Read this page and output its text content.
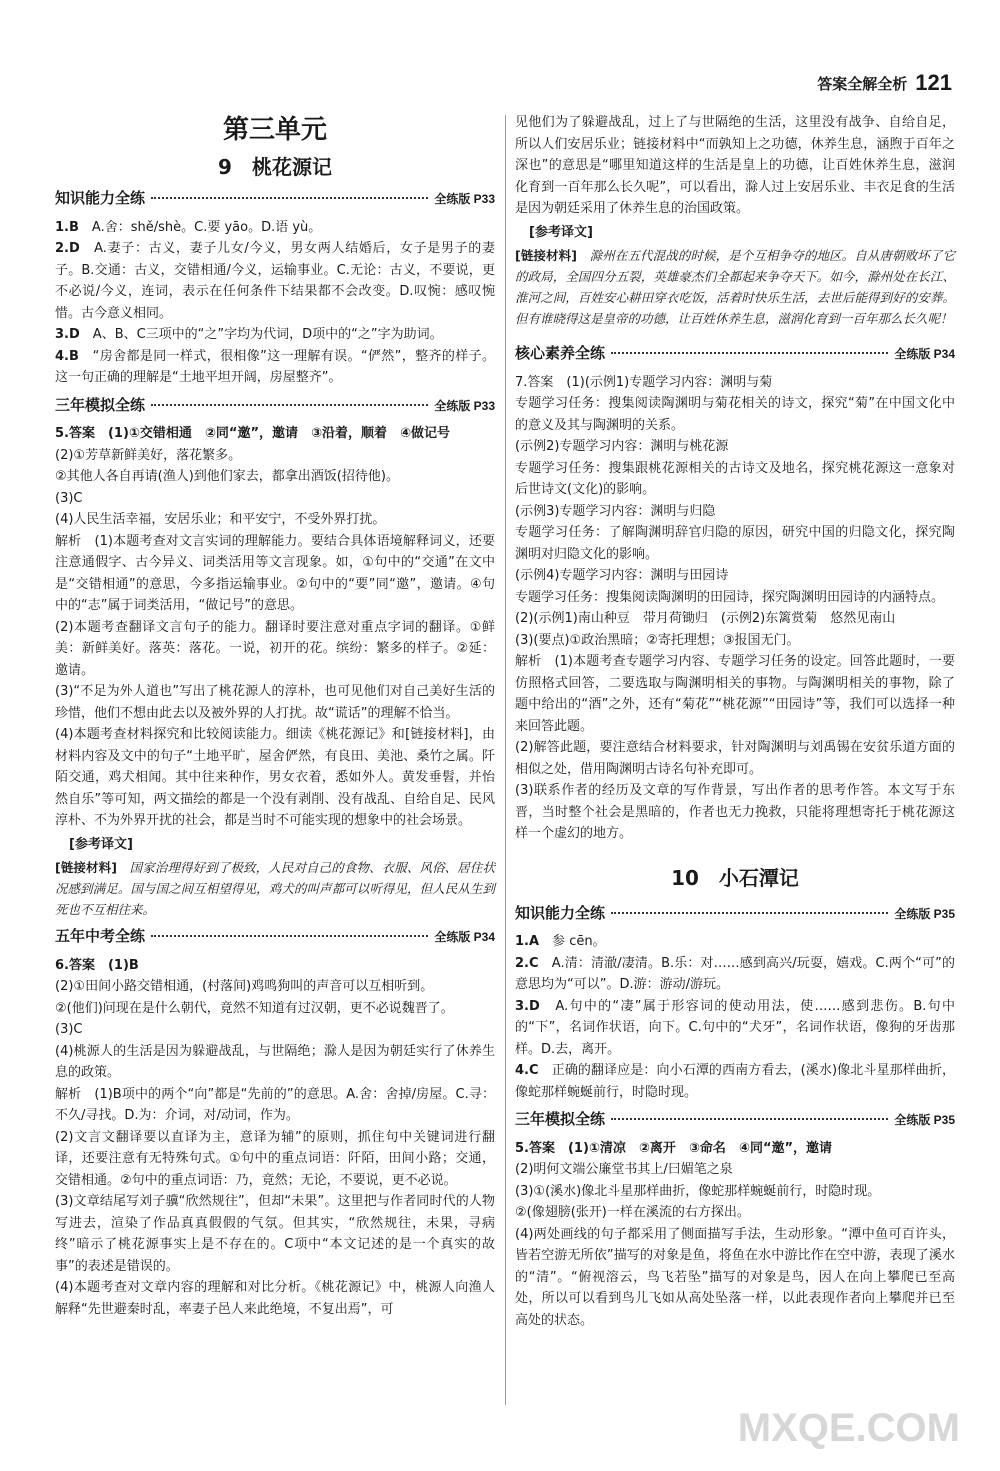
答案全解全析 121
第三单元
9　桃花源记
知识能力全练	全练版 P33

1.B　 A.舍：shě/shè。C.要 yāo。D.语 yù。

2.D　 A.妻子：古义，妻子儿女/今义，男女两人结婚后，女子是男子的妻子。B.交通：古义，交错相通/今义，运输事业。C.无论：古义，不要说，更不必说/今义，连词，表示在任何条件下结果都不会改变。D.叹惋：感叹惋惜。古今意义相同。

3.D　 A、B、C三项中的“之”字均为代词，D项中的“之”字为助词。

4.B　 “房舍都是同一样式，很相像”这一理解有误。“俨然”，整齐的样子。这一句正确的理解是“土地平坦开阔，房屋整齐”。

三年模拟全练	全练版 P33

5.答案　(1)①交错相通　②同“邀”，邀请　③沿着，顺着　④做记号

(2)①芳草新鲜美好，落花繁多。

②其他人各自再请(渔人)到他们家去，都拿出酒饭(招待他)。

(3)C

(4)人民生活幸福，安居乐业；和平安宁，不受外界打扰。

解析　(1)本题考查对文言实词的理解能力。要结合具体语境解释词义，还要注意通假字、古今异义、词类活用等文言现象。如，①句中的“交通”在文中是“交错相通”的意思，今多指运输事业。②句中的“要”同“邀”，邀请。④句中的“志”属于词类活用，“做记号”的意思。

(2)本题考查翻译文言句子的能力。翻译时要注意对重点字词的翻译。①鲜美：新鲜美好。落英：落花。一说，初开的花。缤纷：繁多的样子。②延：邀请。

(3)“不足为外人道也”写出了桃花源人的淳朴，也可见他们对自己美好生活的珍惜，他们不想由此去以及被外界的人打扰。故“谎话”的理解不恰当。

(4)本题考查材料探究和比较阅读能力。细读《桃花源记》和[链接材料]，由材料内容及文中的句子“土地平旷，屋舍俨然，有良田、美池、桑竹之属。阡陌交通，鸡犬相闻。其中往来种作，男女衣着，悉如外人。黄发垂髫，并怡然自乐”等可知，两文描绘的都是一个没有剥削、没有战乱、自给自足、民风淳朴、不为外界开扰的社会，都是当时不可能实现的想象中的社会场景。

[参考译文]

[链接材料]　 国家治理得好到了极致，人民对自己的食物、衣服、风俗、居住状况感到满足。国与国之间互相望得见，鸡犬的叫声都可以听得见，但人民从生到死也不互相往来。

五年中考全练	全练版 P34

6.答案　(1)B

(2)①田间小路交错相通，(村落间)鸡鸣狗叫的声音可以互相听到。

②(他们)问现在是什么朝代，竟然不知道有过汉朝，更不必说魏晋了。

(3)C

(4)桃源人的生活是因为躲避战乱，与世隔绝；滁人是因为朝廷实行了休养生息的政策。

解析　(1)B项中的两个“向”都是“先前的”的意思。A.舍：舍掉/房屋。C.寻：不久/寻找。D.为：介词，对/动词，作为。

(2)文言文翻译要以直译为主，意译为辅”的原则，抓住句中关键词进行翻译，还要注意有无特殊句式。①句中的重点词语：阡陌，田间小路；交通，交错相通。②句中的重点词语：乃，竟然；无论，不要说，更不必说。

(3)文章结尾写刘子骥“欣然规往”，但却“未果”。这里把与作者同时代的人物写进去，渲染了作品真真假假的气氛。但其实，“欣然规往，未果，寻病终”暗示了桃花源事实上是不存在的。C项中“本文记述的是一个真实的故事”的表述是错误的。

(4)本题考查对文章内容的理解和对比分析。《桃花源记》中，桃源人向渔人解释“先世避秦时乱，率妻子邑人来此绝境，不复出焉”，可

见他们为了躲避战乱，过上了与世隔绝的生活，这里没有战争、自给自足，所以人们安居乐业；链接材料中“而孰知上之功德，休养生息，涵煦于百年之深也”的意思是“哪里知道这样的生活是皇上的功德，让百姓休养生息，滋润化育到一百年那么长久呢”，可以看出，滁人过上安居乐业、丰衣足食的生活是因为朝廷采用了休养生息的治国政策。

[参考译文]

[链接材料]　 滁州在五代混战的时候，是个互相争夺的地区。自从唐朝败坏了它的政局，全国四分五裂，英雄豪杰们全都起来争夺天下。如今，滁州处在长江、淮河之间，百姓安心耕田穿衣吃饭，活着时快乐生活，去世后能得到好的安葬。但有谁晓得这是皇帝的功德，让百姓休养生息，滋润化育到一百年那么长久呢！

核心素养全练	全练版 P34

7.答案　(1)(示例1)专题学习内容：渊明与菊

专题学习任务：搜集阅读陶渊明与菊花相关的诗文，探究“菊”在中国文化中的意义及其与陶渊明的关系。

(示例2)专题学习内容：渊明与桃花源

专题学习任务：搜集跟桃花源相关的古诗文及地名，探究桃花源这一意象对后世诗文(文化)的影响。

(示例3)专题学习内容：渊明与归隐

专题学习任务：了解陶渊明辞官归隐的原因，研究中国的归隐文化，探究陶渊明对归隐文化的影响。

(示例4)专题学习内容：渊明与田园诗

专题学习任务：搜集阅读陶渊明的田园诗，探究陶渊明田园诗的内涵特点。

(2)(示例1)南山种豆　带月荷锄归　(示例2)东篱赏菊　悠然见南山

(3)(要点)①政治黑暗；②寄托理想；③报国无门。

解析　(1)本题考查专题学习内容、专题学习任务的设定。回答此题时，一要仿照格式回答，二要选取与陶渊明相关的事物。与陶渊明相关的事物，除了题中给出的“酒”之外，还有“菊花”“桃花源”“田园诗”等，我们可以选择一种来回答此题。

(2)解答此题，要注意结合材料要求，针对陶渊明与刘禹锡在安贫乐道方面的相似之处，借用陶渊明古诗名句补充即可。

(3)联系作者的经历及文章的写作背景，写出作者的思考作答。本文写于东晋，当时整个社会是黑暗的，作者也无力挽救，只能将理想寄托于桃花源这样一个虚幻的地方。

10　小石潭记
知识能力全练	全练版 P35

1.A　 参 cēn。

2.C　 A.清：清澈/凄清。B.乐：对……感到高兴/玩耍，嬉戏。C.两个“可”的意思均为“可以”。D.游：游动/游玩。

3.D　 A.句中的“凄”属于形容词的使动用法，使……感到悲伤。B.句中的“下”，名词作状语，向下。C.句中的“犬牙”，名词作状语，像狗的牙齿那样。D.去，离开。

4.C　 正确的翻译应是：向小石潭的西南方看去，(溪水)像北斗星那样曲折，像蛇那样蜿蜒前行，时隐时现。

三年模拟全练	全练版 P35

5.答案　(1)①清凉　②离开　③命名　④同“邀”，邀请

(2)明何文端公廉堂书其上/曰媚笔之泉

(3)①(溪水)像北斗星那样曲折，像蛇那样蜿蜒前行，时隐时现。

②(像翅膀(张开)一样在溪流的右方探出。

(4)两处画线的句子都采用了侧面描写手法，生动形象。“潭中鱼可百许头，皆若空游无所依”描写的对象是鱼，将鱼在水中游比作在空中游，表现了溪水的“清”。“俯视溶云，鸟飞若坠”描写的对象是鸟，因人在向上攀爬已至高处，所以可以看到鸟儿飞如从高处坠落一样，以此表现作者向上攀爬并已至高处的状态。

MXQE.COM
